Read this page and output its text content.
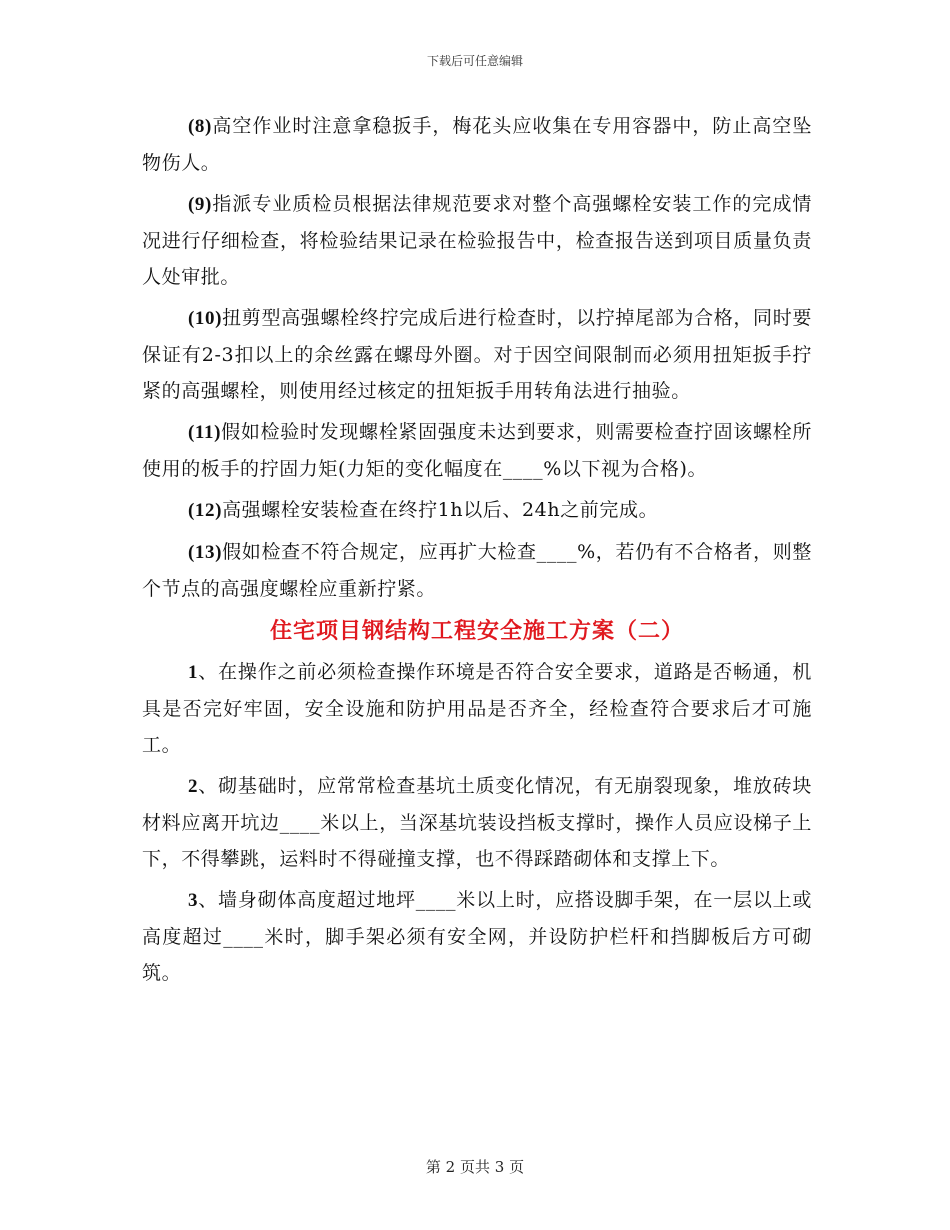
下载后可任意编辑

(8)高空作业时注意拿稳扳手，梅花头应收集在专用容器中，防止高空坠物伤人。

(9)指派专业质检员根据法律规范要求对整个高强螺栓安装工作的完成情况进行仔细检查，将检验结果记录在检验报告中，检查报告送到项目质量负责人处审批。

(10)扭剪型高强螺栓终拧完成后进行检查时，以拧掉尾部为合格，同时要保证有2-3扣以上的余丝露在螺母外圈。对于因空间限制而必须用扭矩扳手拧紧的高强螺栓，则使用经过核定的扭矩扳手用转角法进行抽验。

(11)假如检验时发现螺栓紧固强度未达到要求，则需要检查拧固该螺栓所使用的板手的拧固力矩(力矩的变化幅度在____%以下视为合格)。

(12)高强螺栓安装检查在终拧1h以后、24h之前完成。

(13)假如检查不符合规定，应再扩大检查____%，若仍有不合格者，则整个节点的高强度螺栓应重新拧紧。

住宅项目钢结构工程安全施工方案（二）

1、在操作之前必须检查操作环境是否符合安全要求，道路是否畅通，机具是否完好牢固，安全设施和防护用品是否齐全，经检查符合要求后才可施工。

2、砌基础时，应常常检查基坑土质变化情况，有无崩裂现象，堆放砖块材料应离开坑边____米以上，当深基坑装设挡板支撑时，操作人员应设梯子上下，不得攀跳，运料时不得碰撞支撑，也不得踩踏砌体和支撑上下。

3、墙身砌体高度超过地坪____米以上时，应搭设脚手架，在一层以上或高度超过____米时，脚手架必须有安全网，并设防护栏杆和挡脚板后方可砌筑。

第 2 页共 3 页
